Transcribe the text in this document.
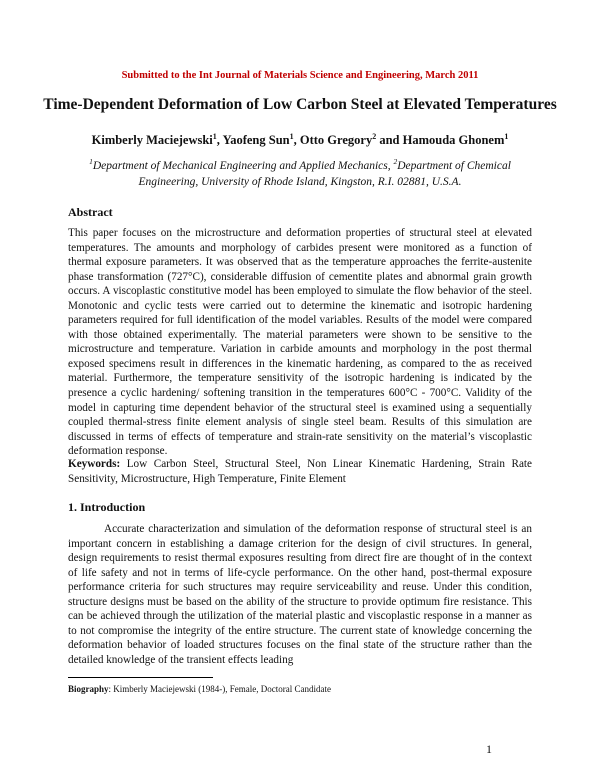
Submitted to the Int Journal of Materials Science and Engineering, March 2011
Time-Dependent Deformation of Low Carbon Steel at Elevated Temperatures
Kimberly Maciejewski$^1$, Yaofeng Sun$^1$, Otto Gregory$^2$ and Hamouda Ghonem$^1$
$^1$Department of Mechanical Engineering and Applied Mechanics, $^2$Department of Chemical Engineering, University of Rhode Island, Kingston, R.I. 02881, U.S.A.
Abstract

This paper focuses on the microstructure and deformation properties of structural steel at elevated temperatures. The amounts and morphology of carbides present were monitored as a function of thermal exposure parameters. It was observed that as the temperature approaches the ferrite-austenite phase transformation (727°C), considerable diffusion of cementite plates and abnormal grain growth occurs. A viscoplastic constitutive model has been employed to simulate the flow behavior of the steel. Monotonic and cyclic tests were carried out to determine the kinematic and isotropic hardening parameters required for full identification of the model variables. Results of the model were compared with those obtained experimentally. The material parameters were shown to be sensitive to the microstructure and temperature. Variation in carbide amounts and morphology in the post thermal exposed specimens result in differences in the kinematic hardening, as compared to the as received material. Furthermore, the temperature sensitivity of the isotropic hardening is indicated by the presence a cyclic hardening/ softening transition in the temperatures 600°C - 700°C. Validity of the model in capturing time dependent behavior of the structural steel is examined using a sequentially coupled thermal-stress finite element analysis of single steel beam. Results of this simulation are discussed in terms of effects of temperature and strain-rate sensitivity on the material’s viscoplastic deformation response.

Keywords: Low Carbon Steel, Structural Steel, Non Linear Kinematic Hardening, Strain Rate Sensitivity, Microstructure, High Temperature, Finite Element

1. Introduction

Accurate characterization and simulation of the deformation response of structural steel is an important concern in establishing a damage criterion for the design of civil structures. In general, design requirements to resist thermal exposures resulting from direct fire are thought of in the context of life safety and not in terms of life-cycle performance. On the other hand, post-thermal exposure performance criteria for such structures may require serviceability and reuse. Under this condition, structure designs must be based on the ability of the structure to provide optimum fire resistance. This can be achieved through the utilization of the material plastic and viscoplastic response in a manner as to not compromise the integrity of the entire structure. The current state of knowledge concerning the deformation behavior of loaded structures focuses on the final state of the structure rather than the detailed knowledge of the transient effects leading

Biography: Kimberly Maciejewski (1984-), Female, Doctoral Candidate
1
